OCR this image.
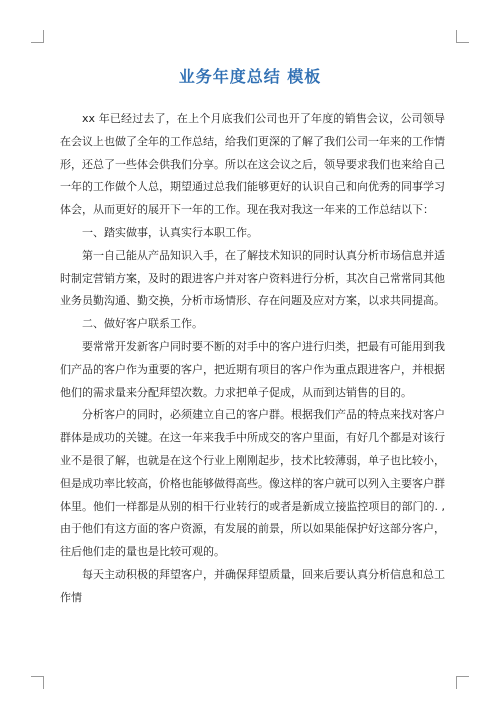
业务年度总结 模板

xx 年已经过去了，在上个月底我们公司也开了年度的销售会议，公司领导在会议上也做了全年的工作总结，给我们更深的了解了我们公司一年来的工作情形，还总了一些体会供我们分享。所以在这会议之后，领导要求我们也来给自己一年的工作做个人总，期望通过总我们能够更好的认识自己和向优秀的同事学习体会，从而更好的展开下一年的工作。现在我对我这一年来的工作总结以下：

一、踏实做事，认真实行本职工作。

第一自己能从产品知识入手，在了解技术知识的同时认真分析市场信息并适时制定营销方案，及时的跟进客户并对客户资料进行分析，其次自己常常同其他业务员勤沟通、勤交换，分析市场情形、存在问题及应对方案，以求共同提高。

二、做好客户联系工作。

要常常开发新客户同时要不断的对手中的客户进行归类，把最有可能用到我们产品的客户作为重要的客户，把近期有项目的客户作为重点跟进客户，并根据他们的需求量来分配拜望次数。力求把单子促成，从而到达销售的目的。

分析客户的同时，必须建立自己的客户群。根据我们产品的特点来找对客户群体是成功的关键。在这一年来我手中所成交的客户里面，有好几个都是对该行业不是很了解，也就是在这个行业上刚刚起步，技术比较薄弱，单子也比较小，但是成功率比较高，价格也能够做得高些。像这样的客户就可以列入主要客户群体里。他们一样都是从别的相干行业转行的或者是新成立接监控项目的部门的. , 由于他们有这方面的客户资源，有发展的前景，所以如果能保护好这部分客户，往后他们走的量也是比较可观的。

每天主动积极的拜望客户，并确保拜望质量，回来后要认真分析信息和总工作情
